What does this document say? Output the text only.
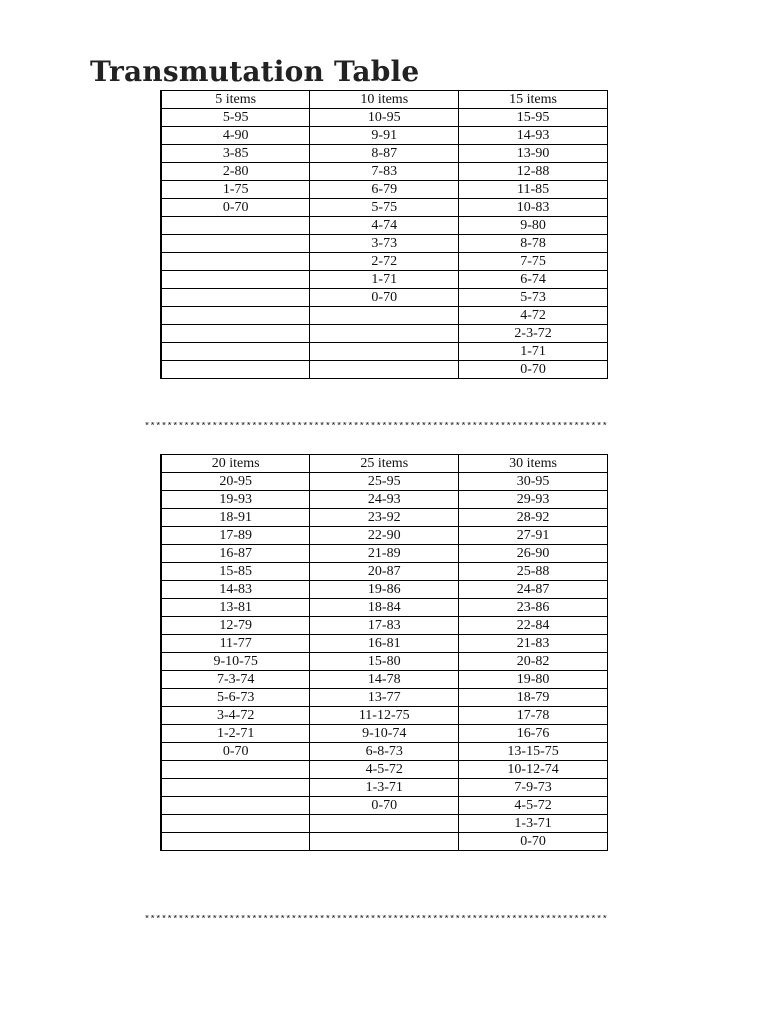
Transmutation Table
5 items	10 items	15 items
5-95	10-95	15-95
4-90	9-91	14-93
3-85	8-87	13-90
2-80	7-83	12-88
1-75	6-79	11-85
0-70	5-75	10-83
	4-74	9-80
	3-73	8-78
	2-72	7-75
	1-71	6-74
	0-70	5-73
		4-72
		2-3-72
		1-71
		0-70
**********************************************************************************
20 items	25 items	30 items
20-95	25-95	30-95
19-93	24-93	29-93
18-91	23-92	28-92
17-89	22-90	27-91
16-87	21-89	26-90
15-85	20-87	25-88
14-83	19-86	24-87
13-81	18-84	23-86
12-79	17-83	22-84
11-77	16-81	21-83
9-10-75	15-80	20-82
7-3-74	14-78	19-80
5-6-73	13-77	18-79
3-4-72	11-12-75	17-78
1-2-71	9-10-74	16-76
0-70	6-8-73	13-15-75
	4-5-72	10-12-74
	1-3-71	7-9-73
	0-70	4-5-72
		1-3-71
		0-70
**********************************************************************************
